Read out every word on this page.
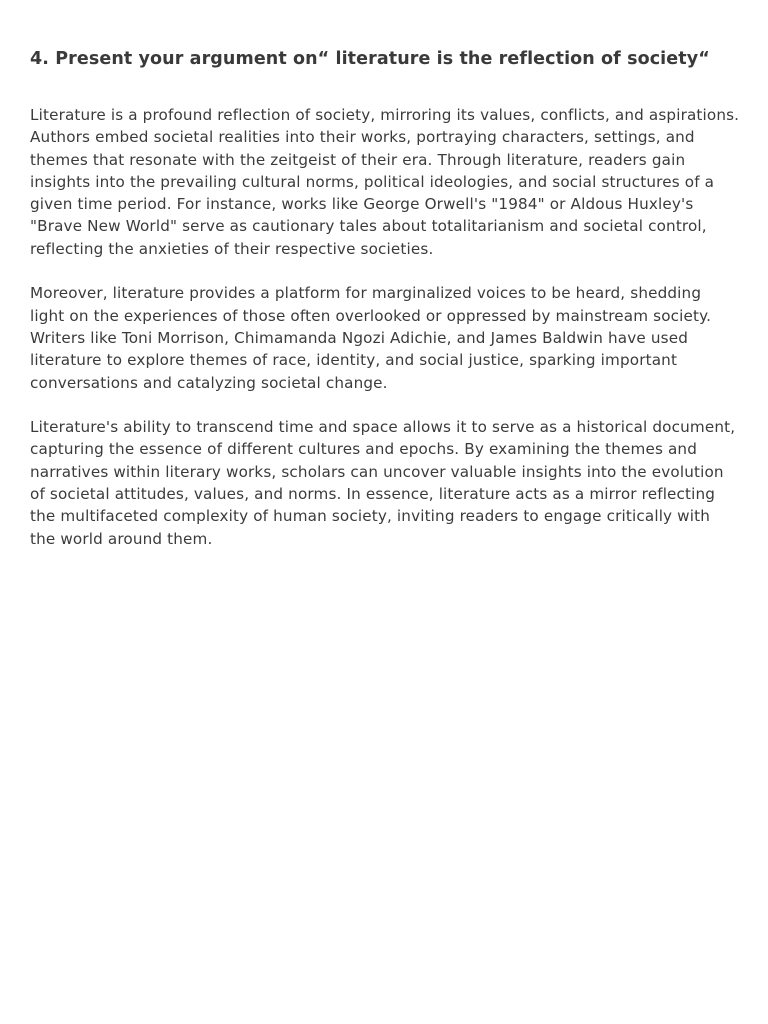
4. Present your argument on“ literature is the reflection of society“

Literature is a profound reflection of society, mirroring its values, conflicts, and aspirations. Authors embed societal realities into their works, portraying characters, settings, and themes that resonate with the zeitgeist of their era. Through literature, readers gain insights into the prevailing cultural norms, political ideologies, and social structures of a given time period. For instance, works like George Orwell's "1984" or Aldous Huxley's "Brave New World" serve as cautionary tales about totalitarianism and societal control, reflecting the anxieties of their respective societies.

Moreover, literature provides a platform for marginalized voices to be heard, shedding light on the experiences of those often overlooked or oppressed by mainstream society. Writers like Toni Morrison, Chimamanda Ngozi Adichie, and James Baldwin have used literature to explore themes of race, identity, and social justice, sparking important conversations and catalyzing societal change.

Literature's ability to transcend time and space allows it to serve as a historical document, capturing the essence of different cultures and epochs. By examining the themes and narratives within literary works, scholars can uncover valuable insights into the evolution of societal attitudes, values, and norms. In essence, literature acts as a mirror reflecting the multifaceted complexity of human society, inviting readers to engage critically with the world around them.
